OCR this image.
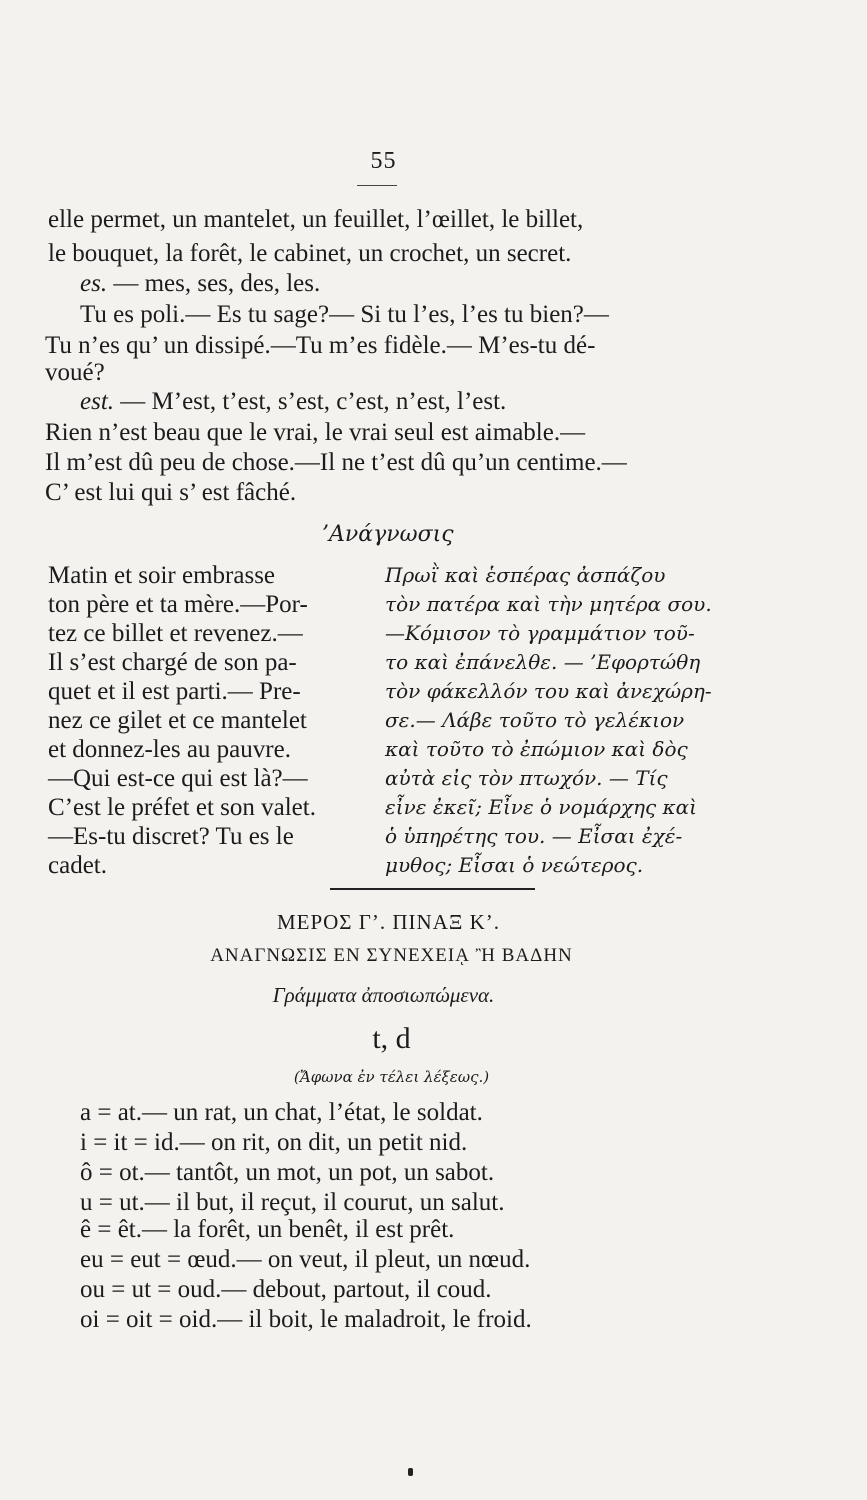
55
elle permet, un mantelet, un feuillet, l’œillet, le billet,
le bouquet, la forêt, le cabinet, un crochet, un secret.
es. — mes, ses, des, les.
Tu es poli.— Es tu sage?— Si tu l’es, l’es tu bien?—
Tu n’es qu’ un dissipé.—Tu m’es fidèle.— M’es-tu dé-
voué?
est. — M’est, t’est, s’est, c’est, n’est, l’est.
Rien n’est beau que le vrai, le vrai seul est aimable.—
Il m’est dû peu de chose.—Il ne t’est dû qu’un centime.—
C’ est lui qui s’ est fâché.
’Ανάγνωσις
Matin et soir embrasse
ton père et ta mère.—Por-
tez ce billet et revenez.—
Il s’est chargé de son pa-
quet et il est parti.— Pre-
nez ce gilet et ce mantelet
et donnez-les au pauvre.
—Qui est-ce qui est là?—
C’est le préfet et son valet.
—Es-tu discret? Tu es le
cadet.
Πρωῒ καὶ ἑσπέρας ἀσπάζου
τὸν πατέρα καὶ τὴν μητέρα σου.
—Κόμισον τὸ γραμμάτιον τοῦ-
το καὶ ἐπάνελθε. — ’Εφορτώθη
τὸν φάκελλόν του καὶ ἀνεχώρη-
σε.— Λάβε τοῦτο τὸ γελέκιον
καὶ τοῦτο τὸ ἐπώμιον καὶ δὸς
αὐτὰ εἰς τὸν πτωχόν. — Τίς
εἶνε ἐκεῖ; Εἶνε ὁ νομάρχης καὶ
ὁ ὑπηρέτης του. — Εἶσαι ἐχέ-
μυθος; Εἶσαι ὁ νεώτερος.
ΜΕΡΟΣ Γ’. ΠΙΝΑΞ Κ’.
ΑΝΑΓΝΩΣΙΣ ΕΝ ΣΥΝΕΧΕΙᾼ Ἢ ΒΑΔΗΝ
Γράμματα ἀποσιωπώμενα.
t, d
(Ἄφωνα ἐν τέλει λέξεως.)
a = at.— un rat, un chat, l’état, le soldat.
i = it = id.— on rit, on dit, un petit nid.
ô = ot.— tantôt, un mot, un pot, un sabot.
u = ut.— il but, il reçut, il courut, un salut.
ê = êt.— la forêt, un benêt, il est prêt.
eu = eut = œud.— on veut, il pleut, un nœud.
ou = ut = oud.— debout, partout, il coud.
oi = oit = oid.— il boit, le maladroit, le froid.
